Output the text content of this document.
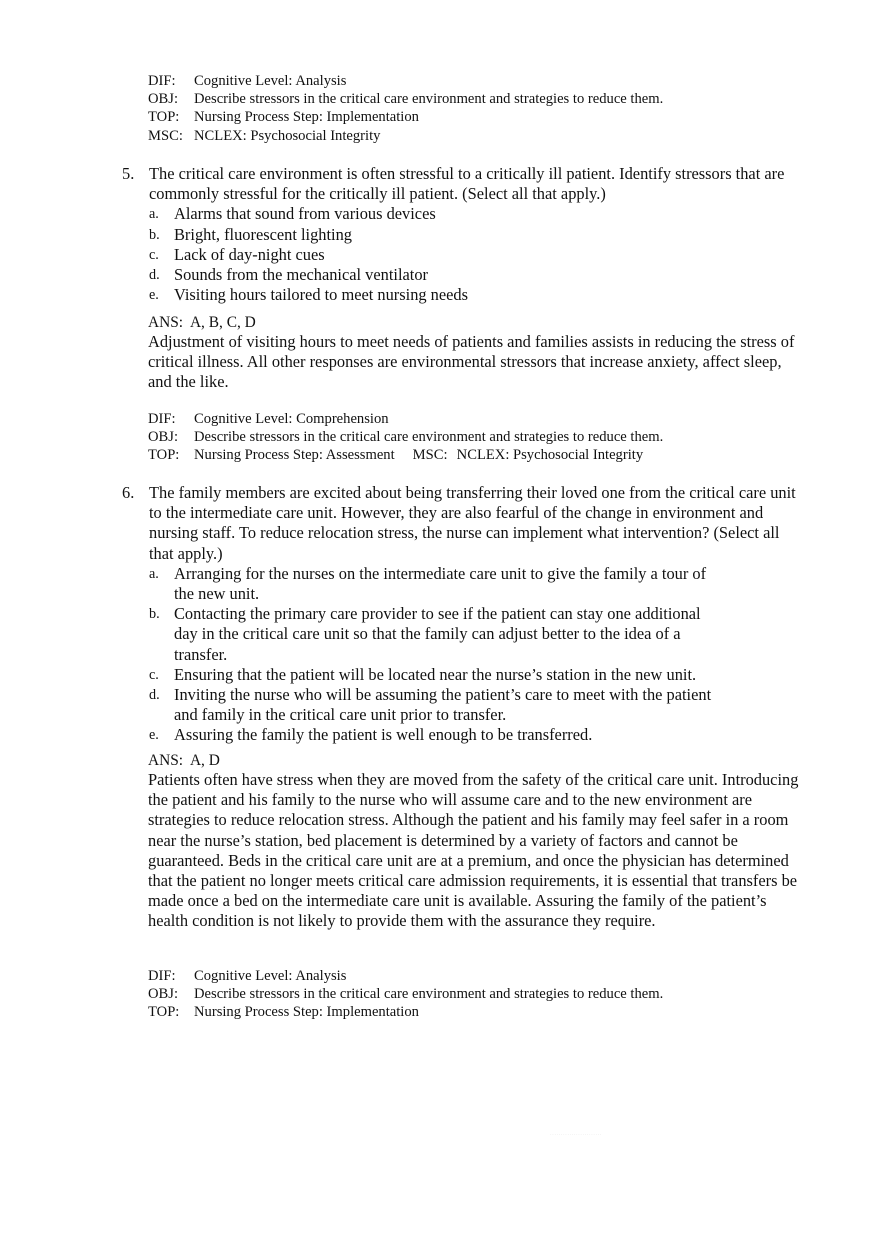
DIF:	Cognitive Level: Analysis
OBJ:	Describe stressors in the critical care environment and strategies to reduce them.
TOP:	Nursing Process Step: Implementation
MSC: NCLEX: Psychosocial Integrity
5. The critical care environment is often stressful to a critically ill patient. Identify stressors that are commonly stressful for the critically ill patient. (Select all that apply.)
a. Alarms that sound from various devices
b. Bright, fluorescent lighting
c. Lack of day-night cues
d. Sounds from the mechanical ventilator
e. Visiting hours tailored to meet nursing needs
ANS: A, B, C, D
Adjustment of visiting hours to meet needs of patients and families assists in reducing the stress of critical illness. All other responses are environmental stressors that increase anxiety, affect sleep, and the like.
DIF:	Cognitive Level: Comprehension
OBJ:	Describe stressors in the critical care environment and strategies to reduce them.
TOP:	Nursing Process Step: Assessment MSC: NCLEX: Psychosocial Integrity
6. The family members are excited about being transferring their loved one from the critical care unit to the intermediate care unit. However, they are also fearful of the change in environment and nursing staff. To reduce relocation stress, the nurse can implement what intervention? (Select all that apply.)
a. Arranging for the nurses on the intermediate care unit to give the family a tour of
the new unit.
b. Contacting the primary care provider to see if the patient can stay one additional
day in the critical care unit so that the family can adjust better to the idea of a
transfer.
c. Ensuring that the patient will be located near the nurse’s station in the new unit.
d. Inviting the nurse who will be assuming the patient’s care to meet with the patient
and family in the critical care unit prior to transfer.
e. Assuring the family the patient is well enough to be transferred.
ANS: A, D
Patients often have stress when they are moved from the safety of the critical care unit. Introducing the patient and his family to the nurse who will assume care and to the new environment are strategies to reduce relocation stress. Although the patient and his family may feel safer in a room near the nurse’s station, bed placement is determined by a variety of factors and cannot be guaranteed. Beds in the critical care unit are at a premium, and once the physician has determined that the patient no longer meets critical care admission requirements, it is essential that transfers be made once a bed on the intermediate care unit is available. Assuring the family of the patient’s health condition is not likely to provide them with the assurance they require.
DIF:	Cognitive Level: Analysis
OBJ:	Describe stressors in the critical care environment and strategies to reduce them.
TOP:	Nursing Process Step: Implementation
························
